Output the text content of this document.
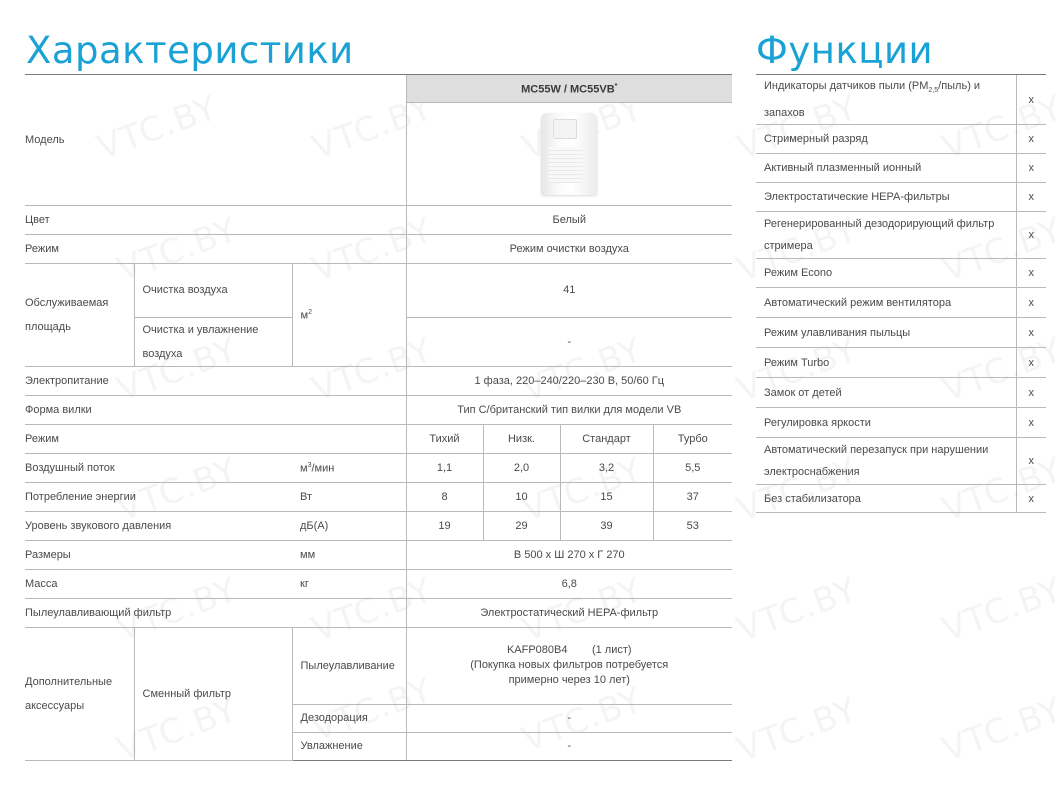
Характеристики	Функции
Модель			MC55W / MC55VB*

Цвет			Белый			
Режим			Режим очистки воздуха			
Обслуживаемая площадь	Очистка воздуха	$м^2$	41			
	Очистка и увлажнение воздуха		-			
Электропитание			1 фаза, 220–240/220–230 В, 50/60 Гц			
Форма вилки			Тип C/британский тип вилки для модели VB			
Режим			Тихий	Низк.	Стандарт	Турбо
Воздушный поток		$м^3$/мин	1,1	2,0	3,2	5,5
Потребление энергии		Вт	8	10	15	37
Уровень звукового давления		дБ(A)	19	29	39	53
Размеры		мм	В 500 х Ш 270 х Г 270			
Масса		кг	6,8			
Пылеулавливающий фильтр			Электростатический HEPA-фильтр			
Дополнительные аксессуары	Сменный фильтр	Пылеулавливание	KAFP080B4        (1 лист)
(Покупка новых фильтров потребуется
примерно через 10 лет)			

		Дезодорация	-			
		Увлажнение	-			
Индикаторы датчиков пыли $(PM_{2,5}/пыль)$ и запахов	x
Стримерный разряд	x
Активный плазменный ионный	x
Электростатические HEPA-фильтры	x

Регенерированный дезодорирующий фильтр
стримера	x
Режим Econo	x
Автоматический режим вентилятора	x
Режим улавливания пыльцы	x
Режим Turbo	x
Замок от детей	x
Регулировка яркости	x

Автоматический перезапуск при нарушении
электроснабжения	x
Без стабилизатора	x
